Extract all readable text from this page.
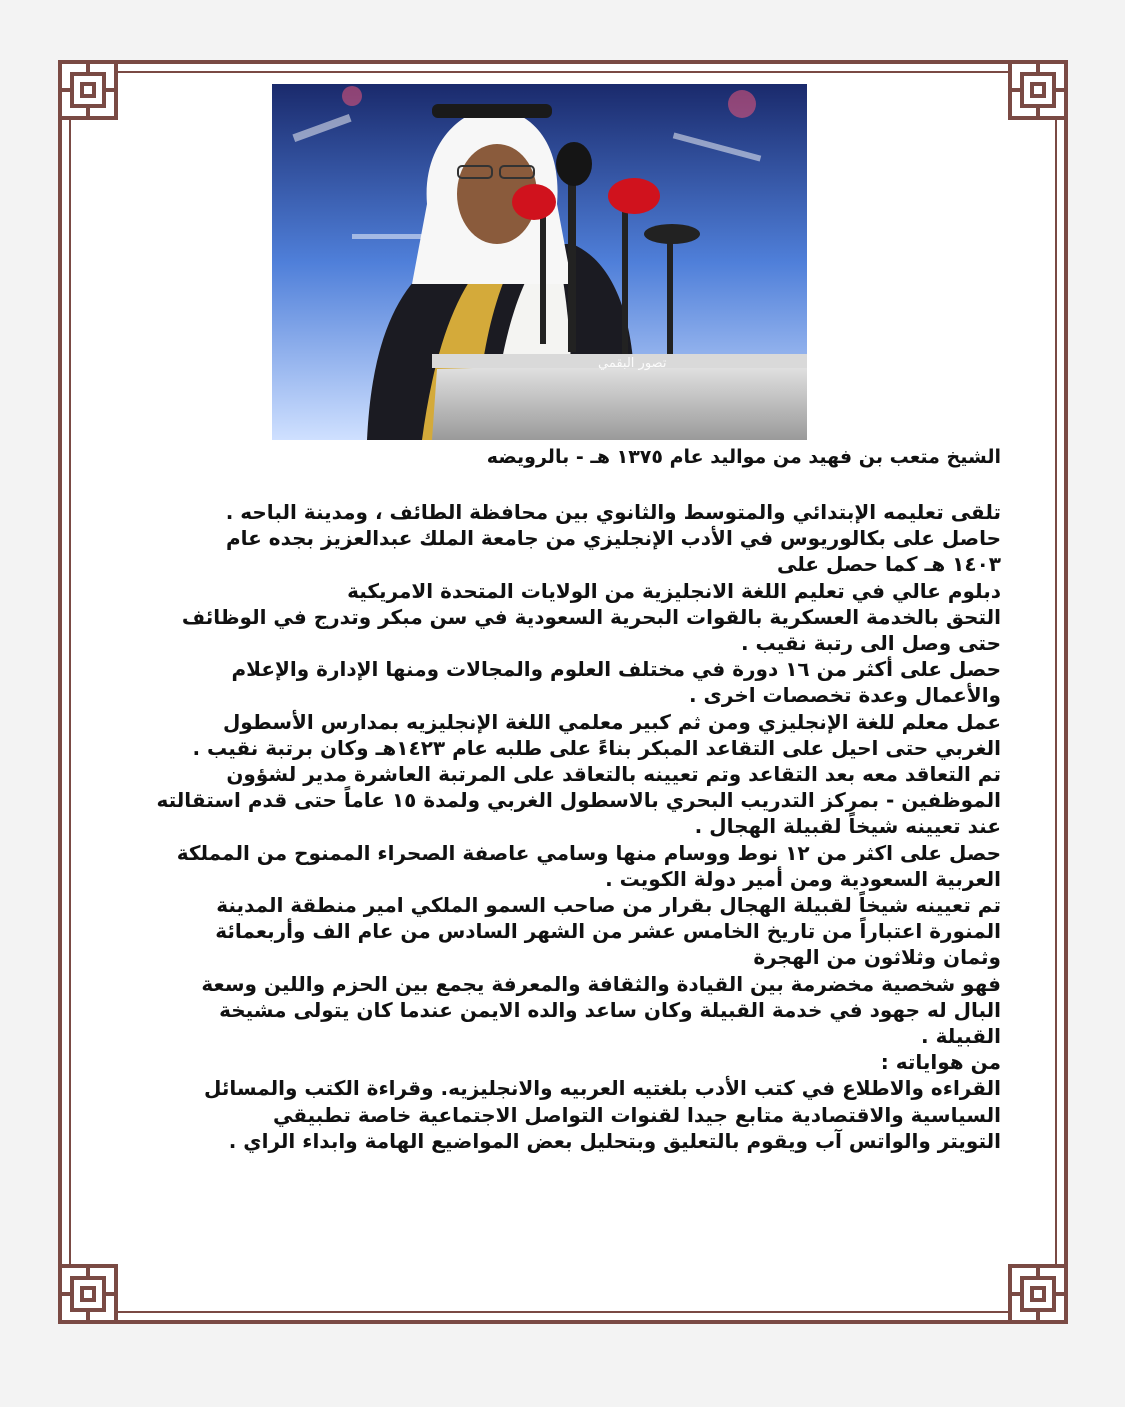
تصور البقمي

الشيخ متعب بن فهيد من مواليد عام ١٣٧٥ هـ - بالرويضه

تلقى تعليمه الإبتدائي والمتوسط والثانوي بين محافظة الطائف ، ومدينة الباحه .

حاصل على بكالوريوس في الأدب الإنجليزي من جامعة الملك عبدالعزيز بجده عام

١٤٠٣ هـ كما حصل على

دبلوم عالي في تعليم اللغة الانجليزية من الولايات المتحدة الامريكية

التحق بالخدمة العسكرية بالقوات البحرية السعودية في سن مبكر وتدرج في الوظائف

حتى وصل الى رتبة نقيب .

حصل على أكثر من ١٦ دورة في مختلف العلوم والمجالات ومنها الإدارة والإعلام

والأعمال وعدة تخصصات اخرى .

عمل معلم للغة الإنجليزي ومن ثم كبير معلمي اللغة الإنجليزيه بمدارس الأسطول

الغربي حتى احيل على التقاعد المبكر بناءً على طلبه عام ١٤٢٣هـ وكان برتبة نقيب .

تم التعاقد معه بعد التقاعد وتم تعيينه بالتعاقد على المرتبة العاشرة مدير لشؤون

الموظفين - بمركز التدريب البحري بالاسطول الغربي ولمدة ١٥ عاماً حتى قدم استقالته

عند تعيينه شيخاً لقبيلة الهجال .

حصل على اكثر من ١٢ نوط ووسام منها وسامي عاصفة الصحراء الممنوح من المملكة

العربية السعودية ومن أمير دولة الكويت .

تم تعيينه شيخاً لقبيلة الهجال بقرار من صاحب السمو الملكي امير منطقة المدينة

المنورة اعتباراً من تاريخ الخامس عشر من الشهر السادس من عام الف وأربعمائة

وثمان وثلاثون من الهجرة

فهو شخصية مخضرمة بين القيادة والثقافة والمعرفة يجمع بين الحزم واللين وسعة

البال له جهود في خدمة القبيلة وكان ساعد والده الايمن عندما كان يتولى مشيخة

القبيلة .

من هواياته :

القراءه والاطلاع في كتب الأدب بلغتيه العربيه والانجليزيه. وقراءة الكتب والمسائل

السياسية والاقتصادية متابع جيدا لقنوات التواصل الاجتماعية خاصة تطبيقي

التويتر والواتس آب ويقوم بالتعليق وبتحليل بعض المواضيع الهامة وابداء الراي .
